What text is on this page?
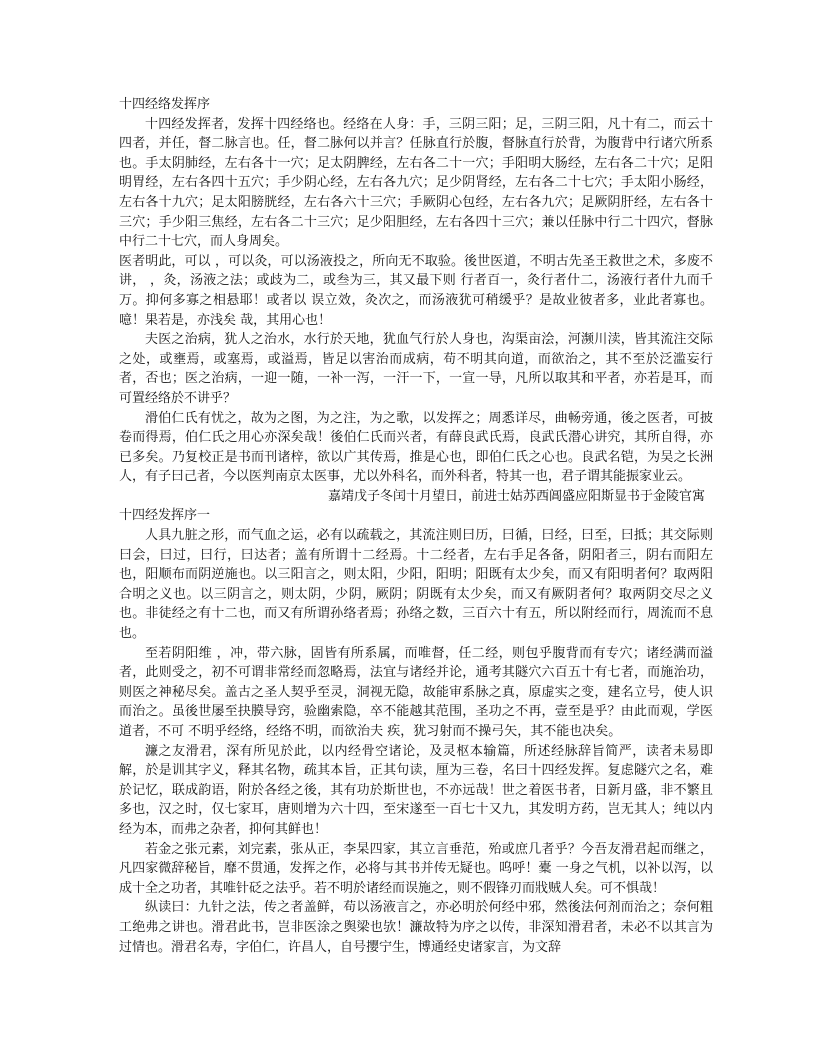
十四经络发挥序

十四经发挥者，发挥十四经络也。经络在人身：手，三阴三阳；足，三阴三阳，凡十有二，而云十四者，并任，督二脉言也。任，督二脉何以并言？任脉直行於腹，督脉直行於背，为腹背中行诸穴所系也。手太阴肺经，左右各十一穴；足太阴脾经，左右各二十一穴；手阳明大肠经，左右各二十穴；足阳明胃经，左右各四十五穴；手少阴心经，左右各九穴；足少阴肾经，左右各二十七穴；手太阳小肠经，左右各十九穴；足太阳膀胱经，左右各六十三穴；手厥阴心包经，左右各九穴；足厥阴肝经，左右各十三穴；手少阳三焦经，左右各二十三穴；足少阳胆经，左右各四十三穴；兼以任脉中行二十四穴，督脉中行二十七穴，而人身周矣。

医者明此，可以 ，可以灸，可以汤液投之，所向无不取验。後世医道，不明古先圣王救世之术，多废不讲， ，灸，汤液之法；或歧为二，或叁为三，其又最下则 行者百一，灸行者什二，汤液行者什九而千万。抑何多寡之相悬耶！或者以 误立效，灸次之，而汤液犹可稍缓乎？是故业彼者多，业此者寡也。噫！果若是，亦浅矣 哉，其用心也！

夫医之治病，犹人之治水，水行於天地，犹血气行於人身也，沟渠亩浍，河濒川渎，皆其流注交际之处，或壅焉，或塞焉，或溢焉，皆足以害治而成病，苟不明其向道，而欲治之，其不至於泛滥妄行者，否也；医之治病，一迎一随，一补一泻，一汗一下，一宣一导，凡所以取其和平者，亦若是耳，而可置经络於不讲乎？

滑伯仁氏有忧之，故为之图，为之注，为之歌，以发挥之；周悉详尽，曲畅旁通，後之医者，可披卷而得焉，伯仁氏之用心亦深矣哉！後伯仁氏而兴者，有薛良武氏焉，良武氏潜心讲究，其所自得，亦已多矣。乃复校正是书而刊诸梓，欲以广其传焉，推是心也，即伯仁氏之心也。良武名铠，为吴之长洲人，有子曰己者，今以医判南京太医事，尤以外科名，而外科者，特其一也，君子谓其能振家业云。

嘉靖戊子冬闰十月望日，前进士姑苏西阊盛应阳斯显书于金陵官寓

十四经发挥序一

人具九脏之形，而气血之运，必有以疏载之，其流注则曰历，曰循，曰经，曰至，曰抵；其交际则曰会，曰过，曰行，曰达者；盖有所谓十二经焉。十二经者，左右手足各备，阴阳者三，阴右而阳左也，阳顺布而阴逆施也。以三阳言之，则太阳，少阳，阳明；阳既有太少矣，而又有阳明者何？取两阳合明之义也。以三阴言之，则太阴，少阴，厥阴；阴既有太少矣，而又有厥阴者何？取两阴交尽之义也。非徒经之有十二也，而又有所谓孙络者焉；孙络之数，三百六十有五，所以附经而行，周流而不息也。

至若阴阳维 ，冲，带六脉，固皆有所系属，而唯督，任二经，则包乎腹背而有专穴；诸经满而溢者，此则受之，初不可谓非常经而忽略焉，法宜与诸经并论，通考其隧穴六百五十有七者，而施治功，则医之神秘尽矣。盖古之圣人契乎至灵，洞视无隐，故能审系脉之真，原虚实之变，建名立号，使人识而治之。虽後世屡至抉膜导窍，验幽索隐，卒不能越其范围，圣功之不再，壹至是乎？由此而观，学医道者，不可 不明乎经络，经络不明，而欲治夫 疾，犹习射而不操弓矢，其不能也决矣。

濂之友滑君，深有所见於此，以内经骨空诸论，及灵枢本输篇，所述经脉辞旨简严，读者未易即解，於是训其字义，释其名物，疏其本旨，正其句读，厘为三卷，名曰十四经发挥。复虑隧穴之名，难於记忆，联成韵语，附於各经之後，其有功於斯世也，不亦远哉！世之着医书者，日新月盛，非不繁且多也，汉之时，仅七家耳，唐则增为六十四，至宋遂至一百七十又九，其发明方药，岂无其人；纯以内经为本，而弗之杂者，抑何其鲜也！

若金之张元素，刘完素，张从正，李杲四家，其立言垂范，殆或庶几者乎？今吾友滑君起而继之，凡四家微辞秘旨，靡不贯通，发挥之作，必将与其书并传无疑也。呜呼！橐 一身之气机，以补以泻，以成十全之功者，其唯针砭之法乎。若不明於诸经而误施之，则不假锋刃而戕贼人矣。可不惧哉！

纵读曰：九针之法，传之者盖鲜，苟以汤液言之，亦必明於何经中邪，然後法何剂而治之；奈何粗工绝弗之讲也。滑君此书，岂非医涂之舆梁也欤！濂故特为序之以传，非深知滑君者，未必不以其言为过情也。滑君名寿，字伯仁，许昌人，自号撄宁生，博通经史诸家言，为文辞
